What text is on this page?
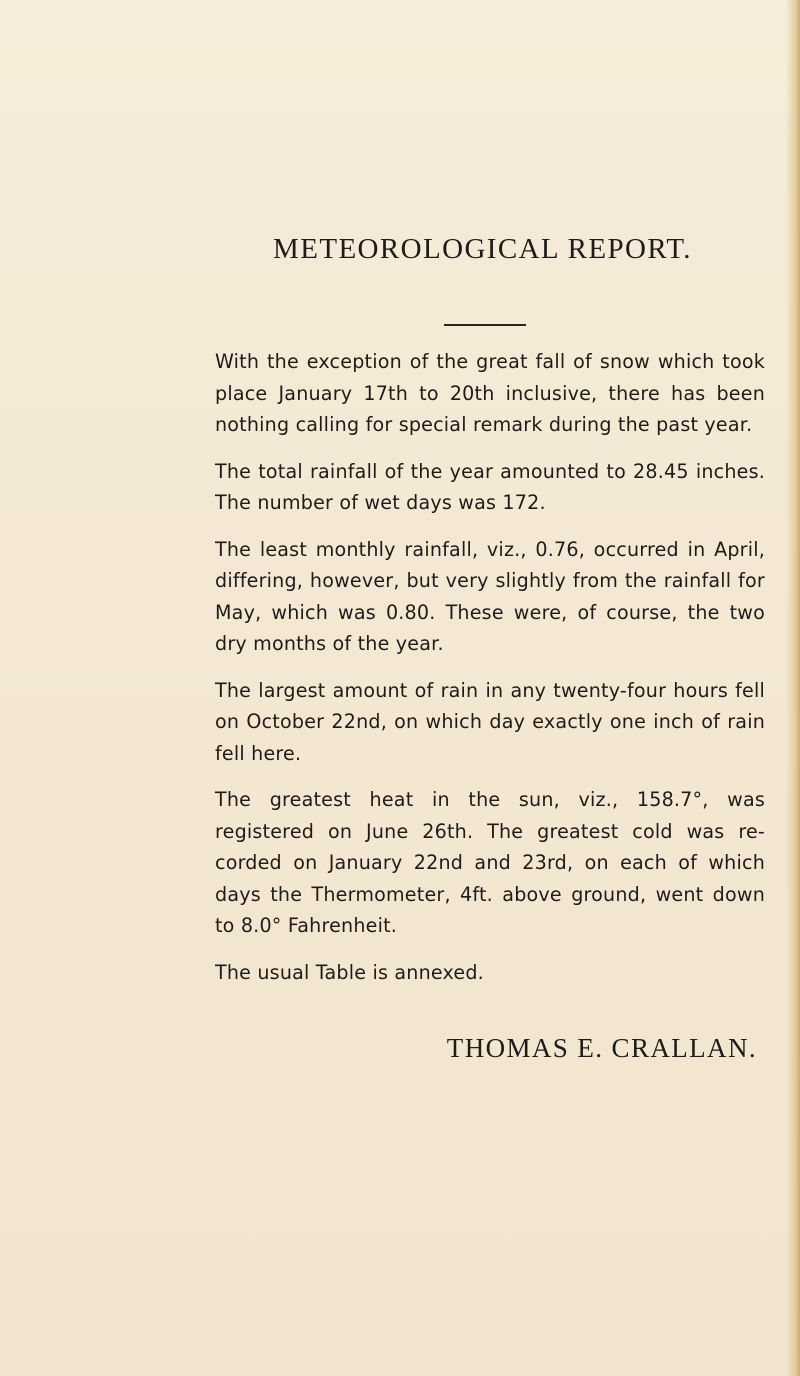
METEOROLOGICAL REPORT.

With the exception of the great fall of snow which took place January 17th to 20th inclusive, there has been nothing calling for special remark during the past year.

The total rainfall of the year amounted to 28.45 inches. The number of wet days was 172.

The least monthly rainfall, viz., 0.76, occurred in April, differing, however, but very slightly from the rainfall for May, which was 0.80. These were, of course, the two dry months of the year.

The largest amount of rain in any twenty-four hours fell on October 22nd, on which day exactly one inch of rain fell here.

The greatest heat in the sun, viz., 158.7°, was registered on June 26th. The greatest cold was re-corded on January 22nd and 23rd, on each of which days the Thermometer, 4ft. above ground, went down to 8.0° Fahrenheit.

The usual Table is annexed.

THOMAS E. CRALLAN.
